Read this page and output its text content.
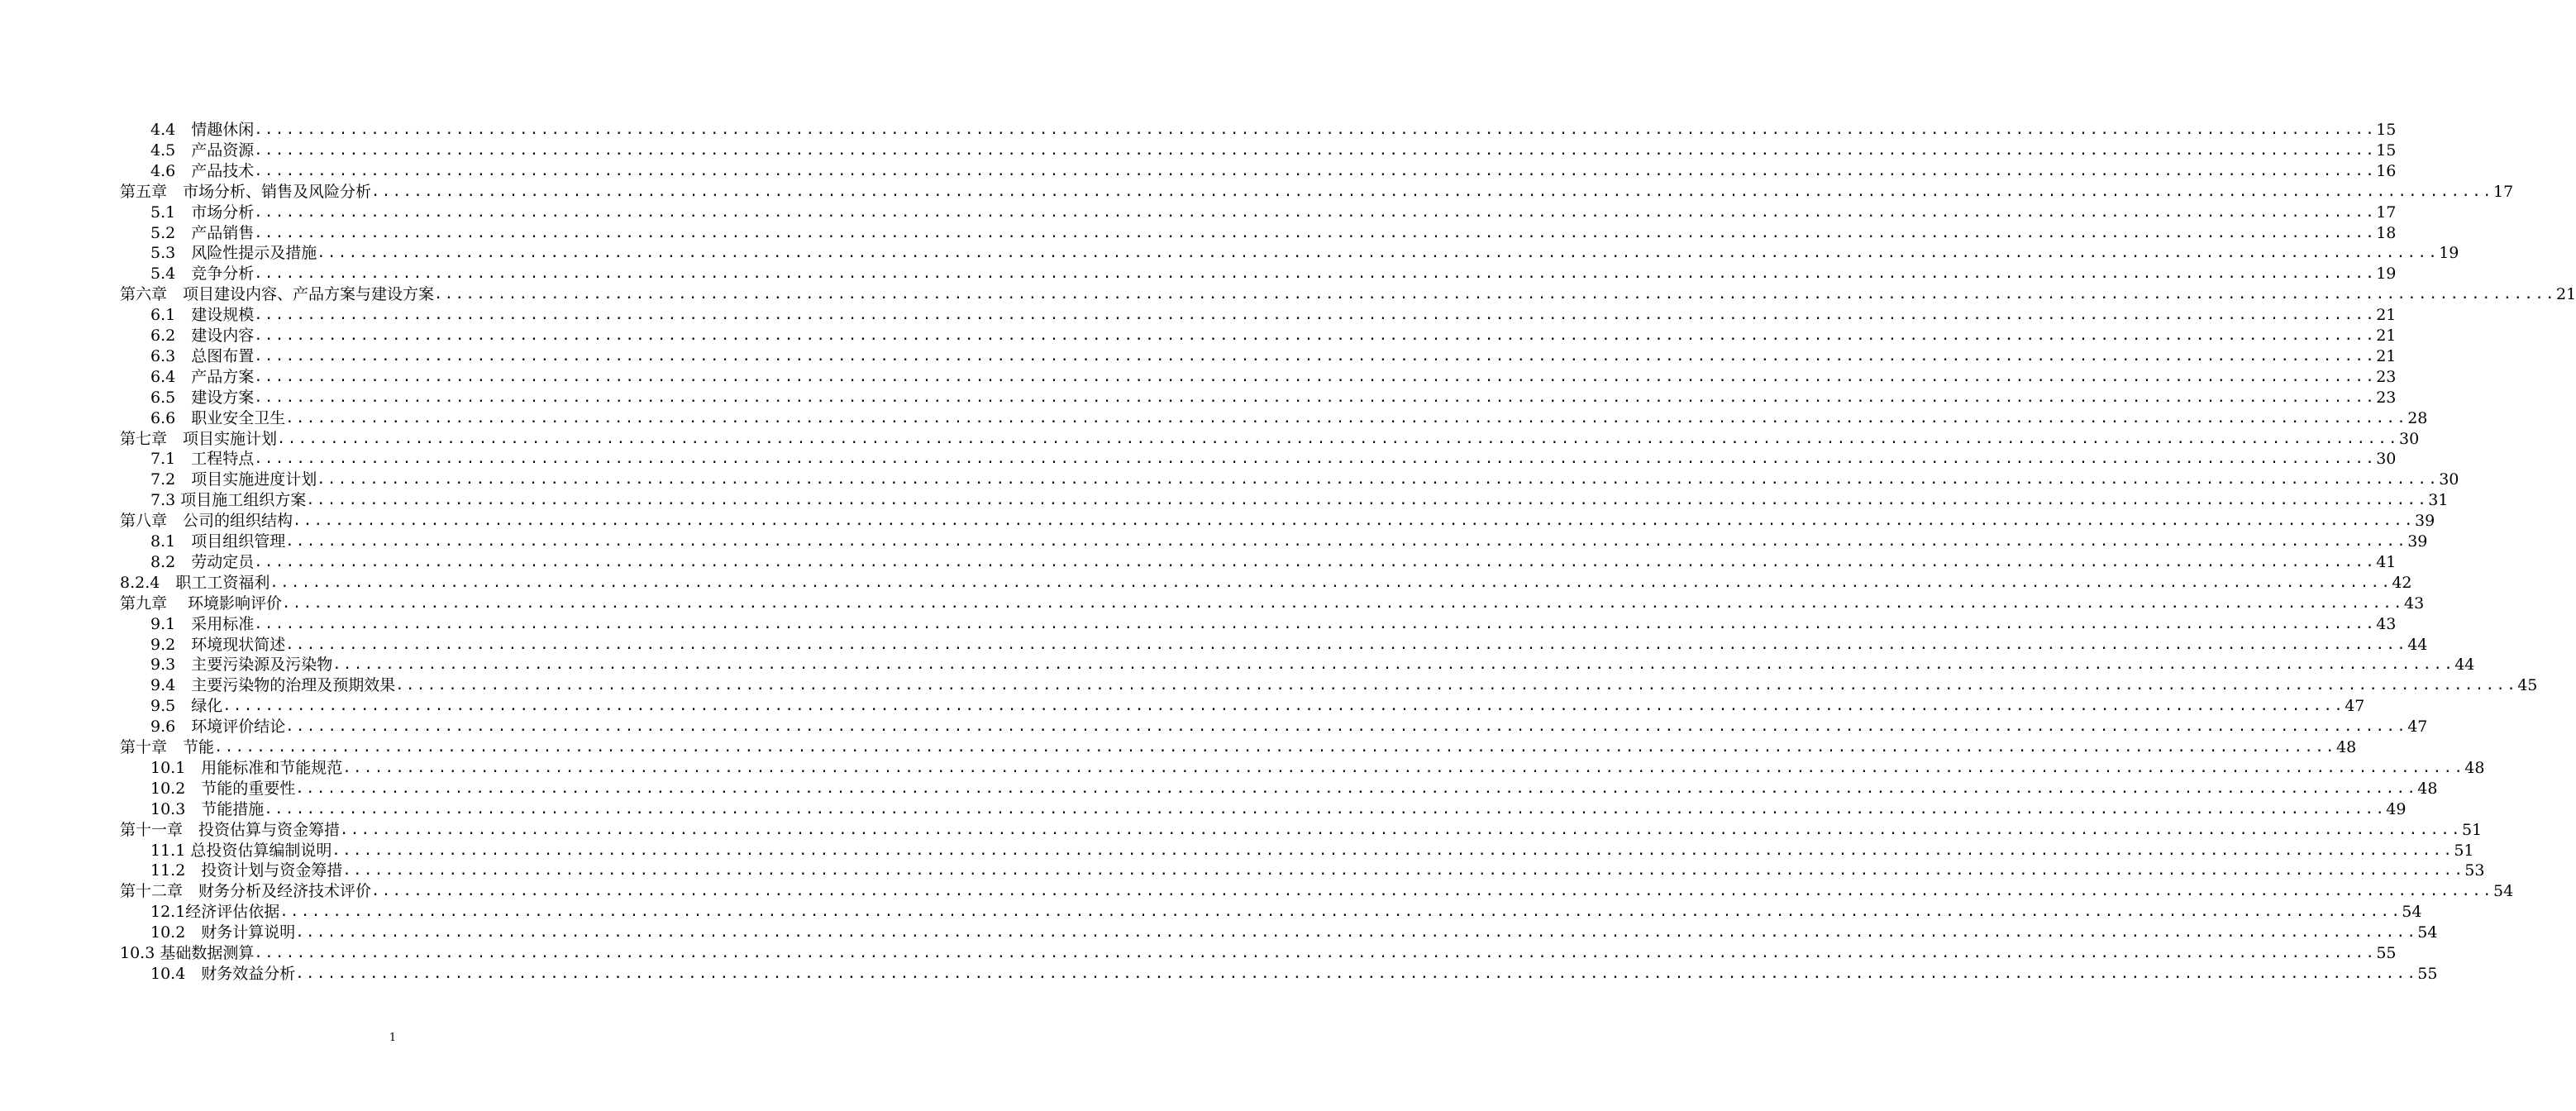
4.4　情趣休闲 ........................................................................................................................................................................................................ 15
4.5　产品资源 ........................................................................................................................................................................................................ 15
4.6　产品技术 ........................................................................................................................................................................................................ 16
第五章　市场分析、销售及风险分析 ........................................................................................................................................................................................................ 17
5.1　市场分析 ........................................................................................................................................................................................................ 17
5.2　产品销售 ........................................................................................................................................................................................................ 18
5.3　风险性提示及措施 ........................................................................................................................................................................................................ 19
5.4　竞争分析 ........................................................................................................................................................................................................ 19
第六章　项目建设内容、产品方案与建设方案 ........................................................................................................................................................................................................ 21
6.1　建设规模 ........................................................................................................................................................................................................ 21
6.2　建设内容 ........................................................................................................................................................................................................ 21
6.3　总图布置 ........................................................................................................................................................................................................ 21
6.4　产品方案 ........................................................................................................................................................................................................ 23
6.5　建设方案 ........................................................................................................................................................................................................ 23
6.6　职业安全卫生 ........................................................................................................................................................................................................ 28
第七章　项目实施计划 ........................................................................................................................................................................................................ 30
7.1　工程特点 ........................................................................................................................................................................................................ 30
7.2　项目实施进度计划 ........................................................................................................................................................................................................ 30
7.3 项目施工组织方案 ........................................................................................................................................................................................................ 31
第八章　公司的组织结构 ........................................................................................................................................................................................................ 39
8.1　项目组织管理 ........................................................................................................................................................................................................ 39
8.2　劳动定员 ........................................................................................................................................................................................................ 41
8.2.4　职工工资福利 ........................................................................................................................................................................................................ 42
第九章　 环境影响评价 ........................................................................................................................................................................................................ 43
9.1　采用标准 ........................................................................................................................................................................................................ 43
9.2　环境现状简述 ........................................................................................................................................................................................................ 44
9.3　主要污染源及污染物 ........................................................................................................................................................................................................ 44
9.4　主要污染物的治理及预期效果 ........................................................................................................................................................................................................ 45
9.5　绿化 ........................................................................................................................................................................................................ 47
9.6　环境评价结论 ........................................................................................................................................................................................................ 47
第十章　节能 ........................................................................................................................................................................................................ 48
10.1　用能标准和节能规范 ........................................................................................................................................................................................................ 48
10.2　节能的重要性 ........................................................................................................................................................................................................ 48
10.3　节能措施 ........................................................................................................................................................................................................ 49
第十一章　投资估算与资金筹措 ........................................................................................................................................................................................................ 51
11.1 总投资估算编制说明 ........................................................................................................................................................................................................ 51
11.2　投资计划与资金筹措 ........................................................................................................................................................................................................ 53
第十二章　财务分析及经济技术评价 ........................................................................................................................................................................................................ 54
12.1经济评估依据 ........................................................................................................................................................................................................ 54
10.2　财务计算说明 ........................................................................................................................................................................................................ 54
10.3 基础数据测算 ........................................................................................................................................................................................................ 55
10.4　财务效益分析 ........................................................................................................................................................................................................ 55
1
